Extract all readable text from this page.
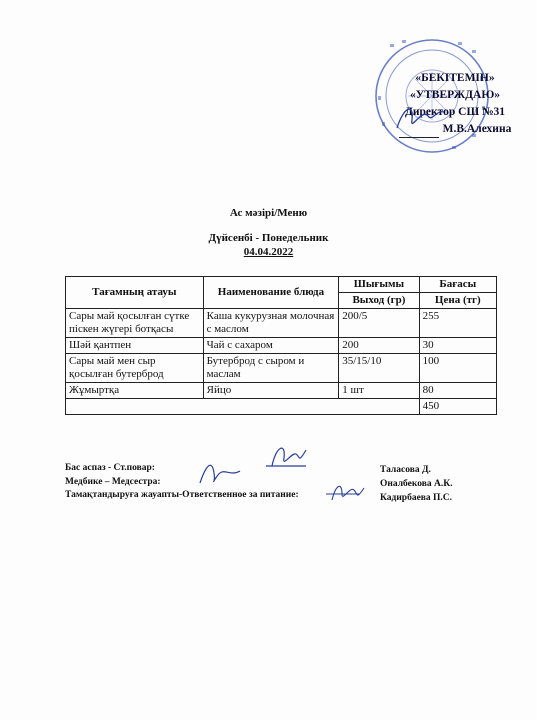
«БЕКІТЕМІН»
«УТВЕРЖДАЮ»
Директор СШ №31
М.В.Алехина
Ас мәзірі/Меню
Дүйсенбі - Понедельник
04.04.2022
Тағамның атауы	Наименование блюда	Шығымы	Бағасы
		Выход (гр)	Цена (тг)
Сары май қосылған сүтке піскен жүгері ботқасы	Каша кукурузная молочная с маслом	200/5	255
Шәй қантпен	Чай с сахаром	200	30
Сары май мен сыр қосылған бутерброд	Бутерброд с сыром и маслам	35/15/10	100
Жұмыртқа	Яйцо	1 шт	80
			450
Бас аспаз - Ст.повар:
Медбике – Медсестра:
Тамақтандыруға жауапты-Ответственное за питание:
Таласова Д.
Оналбекова А.К.
Кадирбаева П.С.
